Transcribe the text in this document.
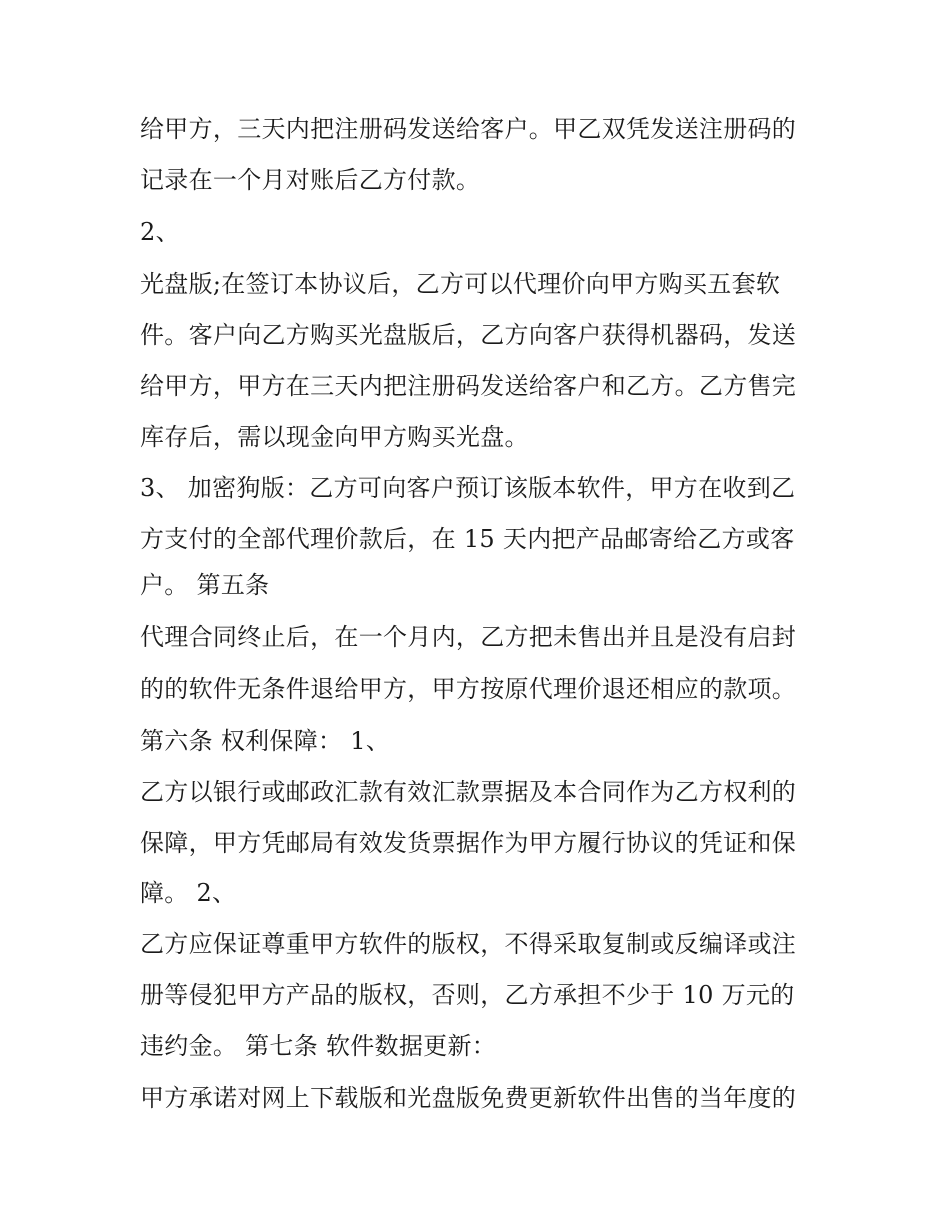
给甲方，三天内把注册码发送给客户。甲乙双凭发送注册码的
记录在一个月对账后乙方付款。
2、
光盘版;在签订本协议后，乙方可以代理价向甲方购买五套软
件。客户向乙方购买光盘版后，乙方向客户获得机器码，发送
给甲方，甲方在三天内把注册码发送给客户和乙方。乙方售完
库存后，需以现金向甲方购买光盘。
3、 加密狗版：乙方可向客户预订该版本软件，甲方在收到乙
方支付的全部代理价款后，在 15 天内把产品邮寄给乙方或客
户。 第五条
代理合同终止后，在一个月内，乙方把未售出并且是没有启封
的的软件无条件退给甲方，甲方按原代理价退还相应的款项。
第六条 权利保障： 1、
乙方以银行或邮政汇款有效汇款票据及本合同作为乙方权利的
保障，甲方凭邮局有效发货票据作为甲方履行协议的凭证和保
障。 2、
乙方应保证尊重甲方软件的版权，不得采取复制或反编译或注
册等侵犯甲方产品的版权，否则，乙方承担不少于 10 万元的
违约金。 第七条 软件数据更新：
甲方承诺对网上下载版和光盘版免费更新软件出售的当年度的
